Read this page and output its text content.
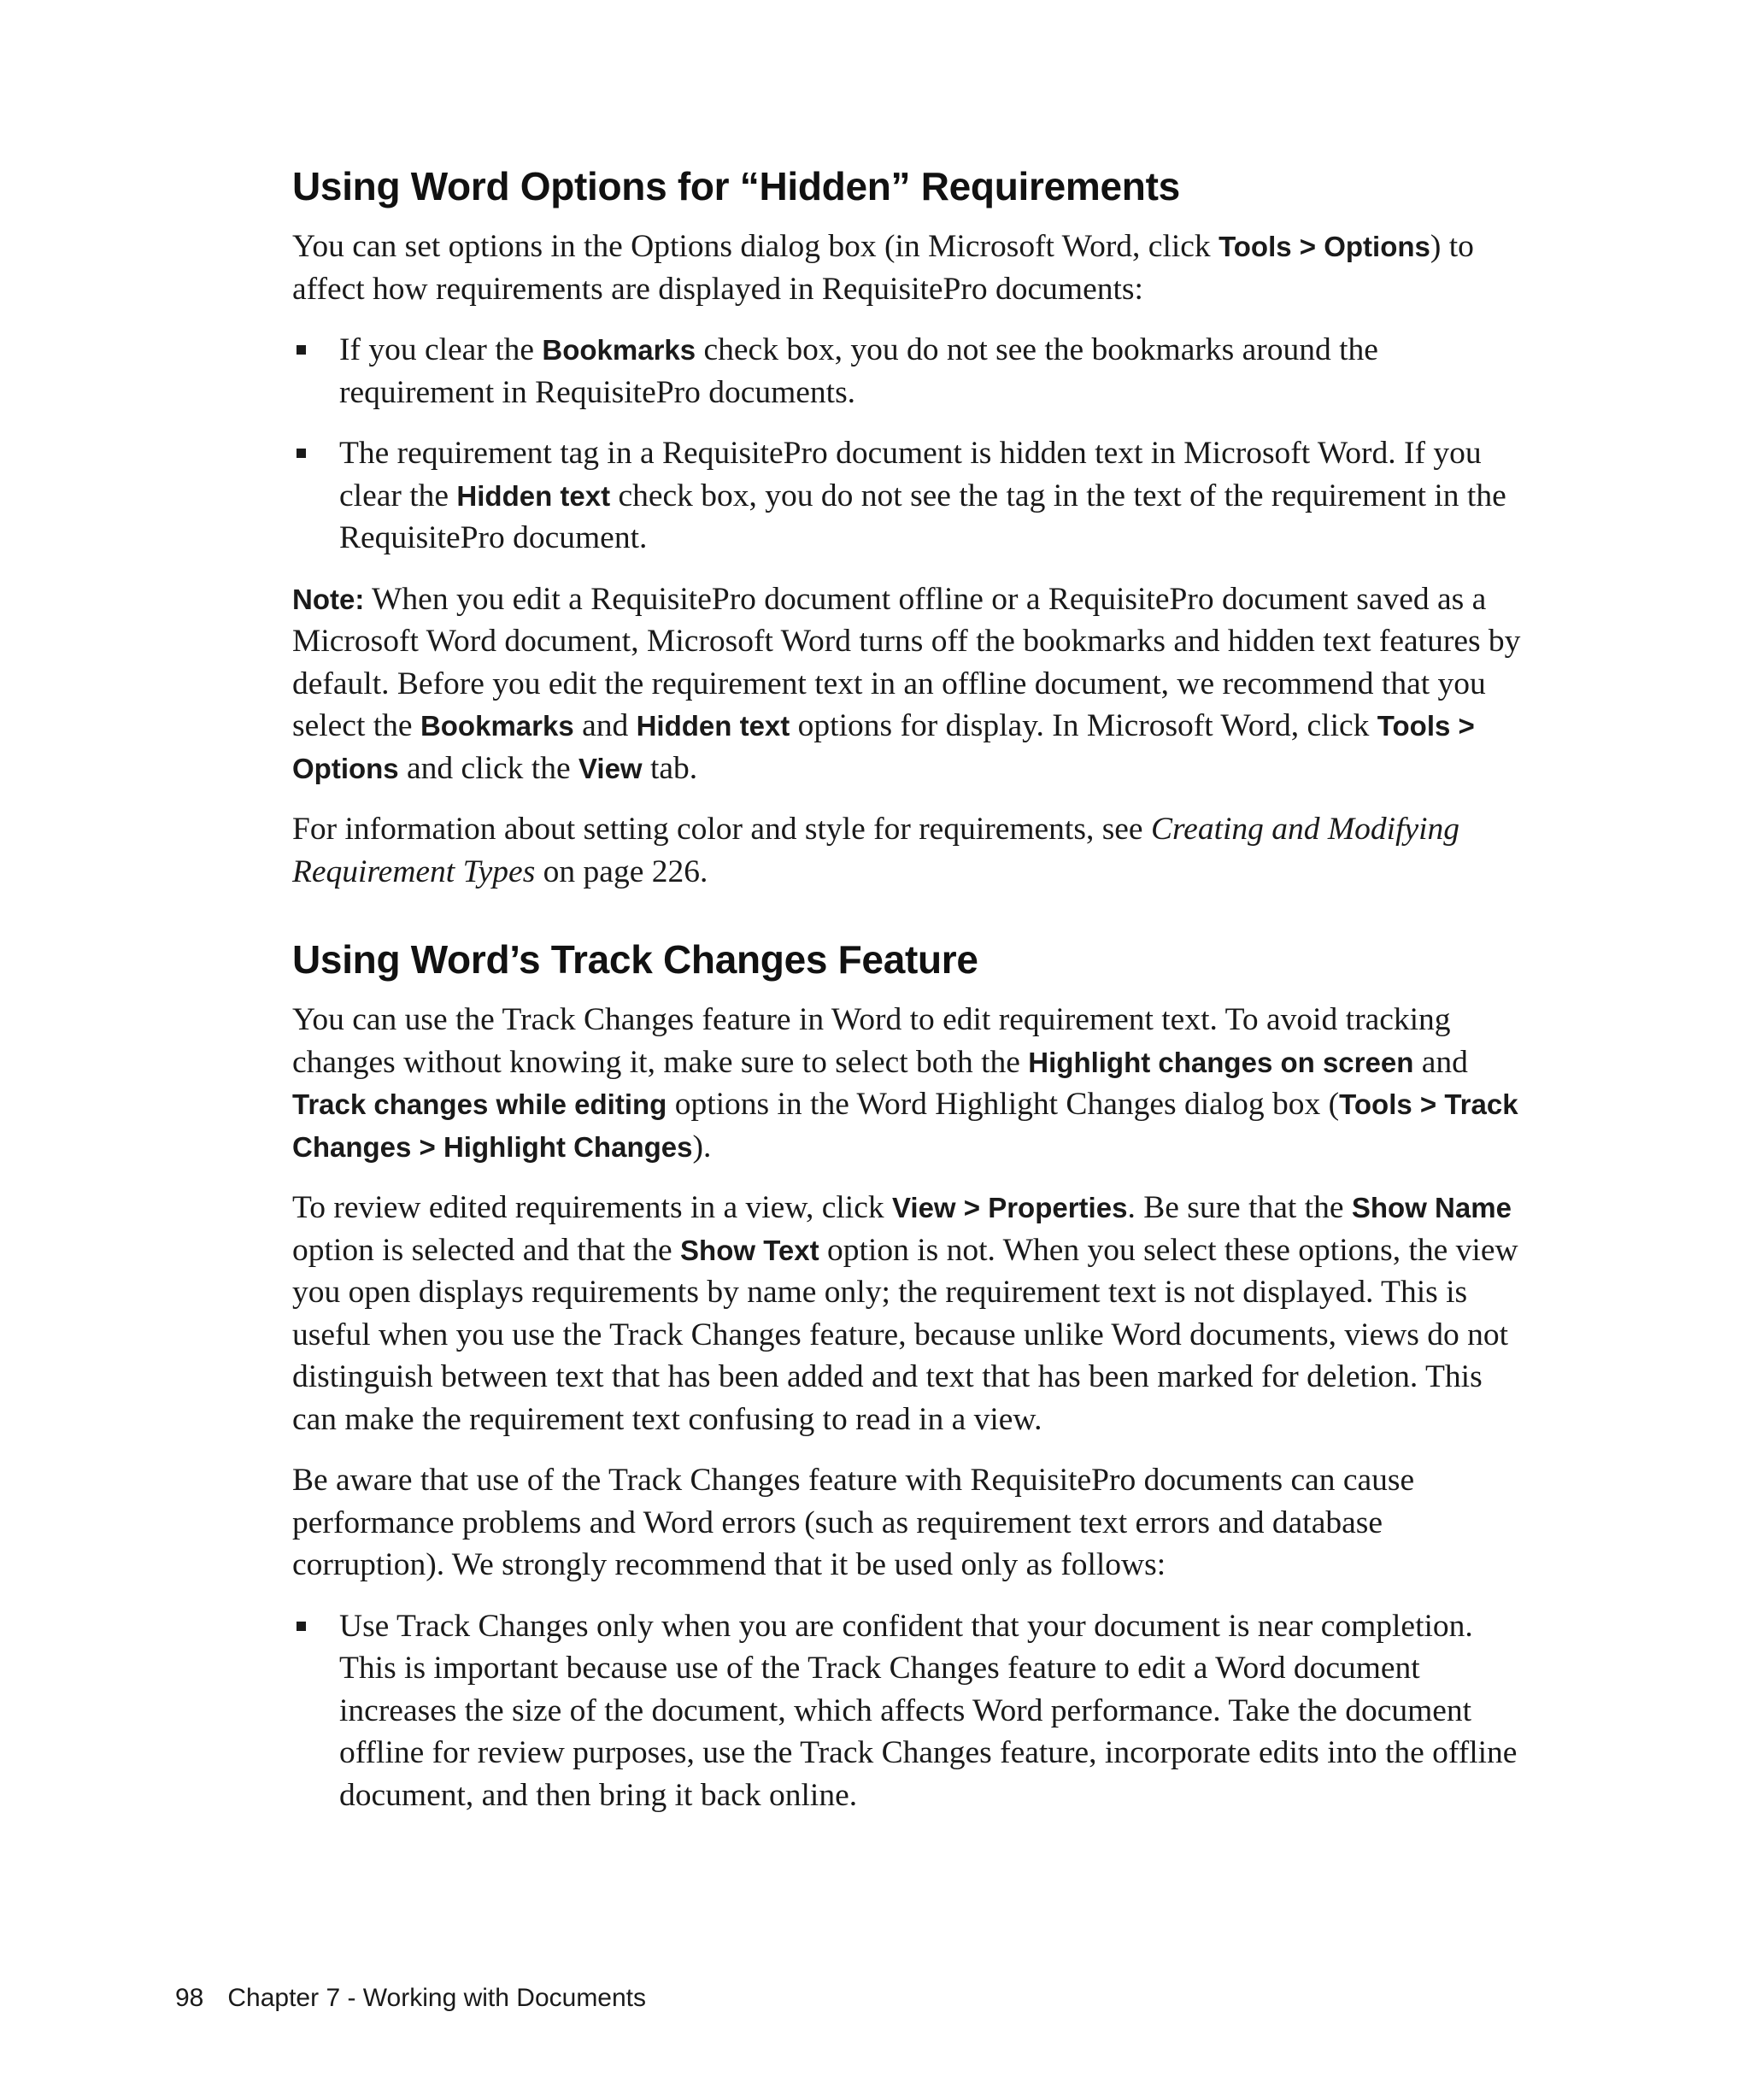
Using Word Options for “Hidden” Requirements

You can set options in the Options dialog box (in Microsoft Word, click Tools > Options) to affect how requirements are displayed in RequisitePro documents:

If you clear the Bookmarks check box, you do not see the bookmarks around the requirement in RequisitePro documents.
The requirement tag in a RequisitePro document is hidden text in Microsoft Word. If you clear the Hidden text check box, you do not see the tag in the text of the requirement in the RequisitePro document.

Note: When you edit a RequisitePro document offline or a RequisitePro document saved as a Microsoft Word document, Microsoft Word turns off the bookmarks and hidden text features by default. Before you edit the requirement text in an offline document, we recommend that you select the Bookmarks and Hidden text options for display. In Microsoft Word, click Tools > Options and click the View tab.

For information about setting color and style for requirements, see Creating and Modifying Requirement Types on page 226.

Using Word’s Track Changes Feature

You can use the Track Changes feature in Word to edit requirement text. To avoid tracking changes without knowing it, make sure to select both the Highlight changes on screen and Track changes while editing options in the Word Highlight Changes dialog box (Tools > Track Changes > Highlight Changes).

To review edited requirements in a view, click View > Properties. Be sure that the Show Name option is selected and that the Show Text option is not. When you select these options, the view you open displays requirements by name only; the requirement text is not displayed. This is useful when you use the Track Changes feature, because unlike Word documents, views do not distinguish between text that has been added and text that has been marked for deletion. This can make the requirement text confusing to read in a view.

Be aware that use of the Track Changes feature with RequisitePro documents can cause performance problems and Word errors (such as requirement text errors and database corruption). We strongly recommend that it be used only as follows:

Use Track Changes only when you are confident that your document is near completion. This is important because use of the Track Changes feature to edit a Word document increases the size of the document, which affects Word performance. Take the document offline for review purposes, use the Track Changes feature, incorporate edits into the offline document, and then bring it back online.
98 Chapter 7 - Working with Documents
